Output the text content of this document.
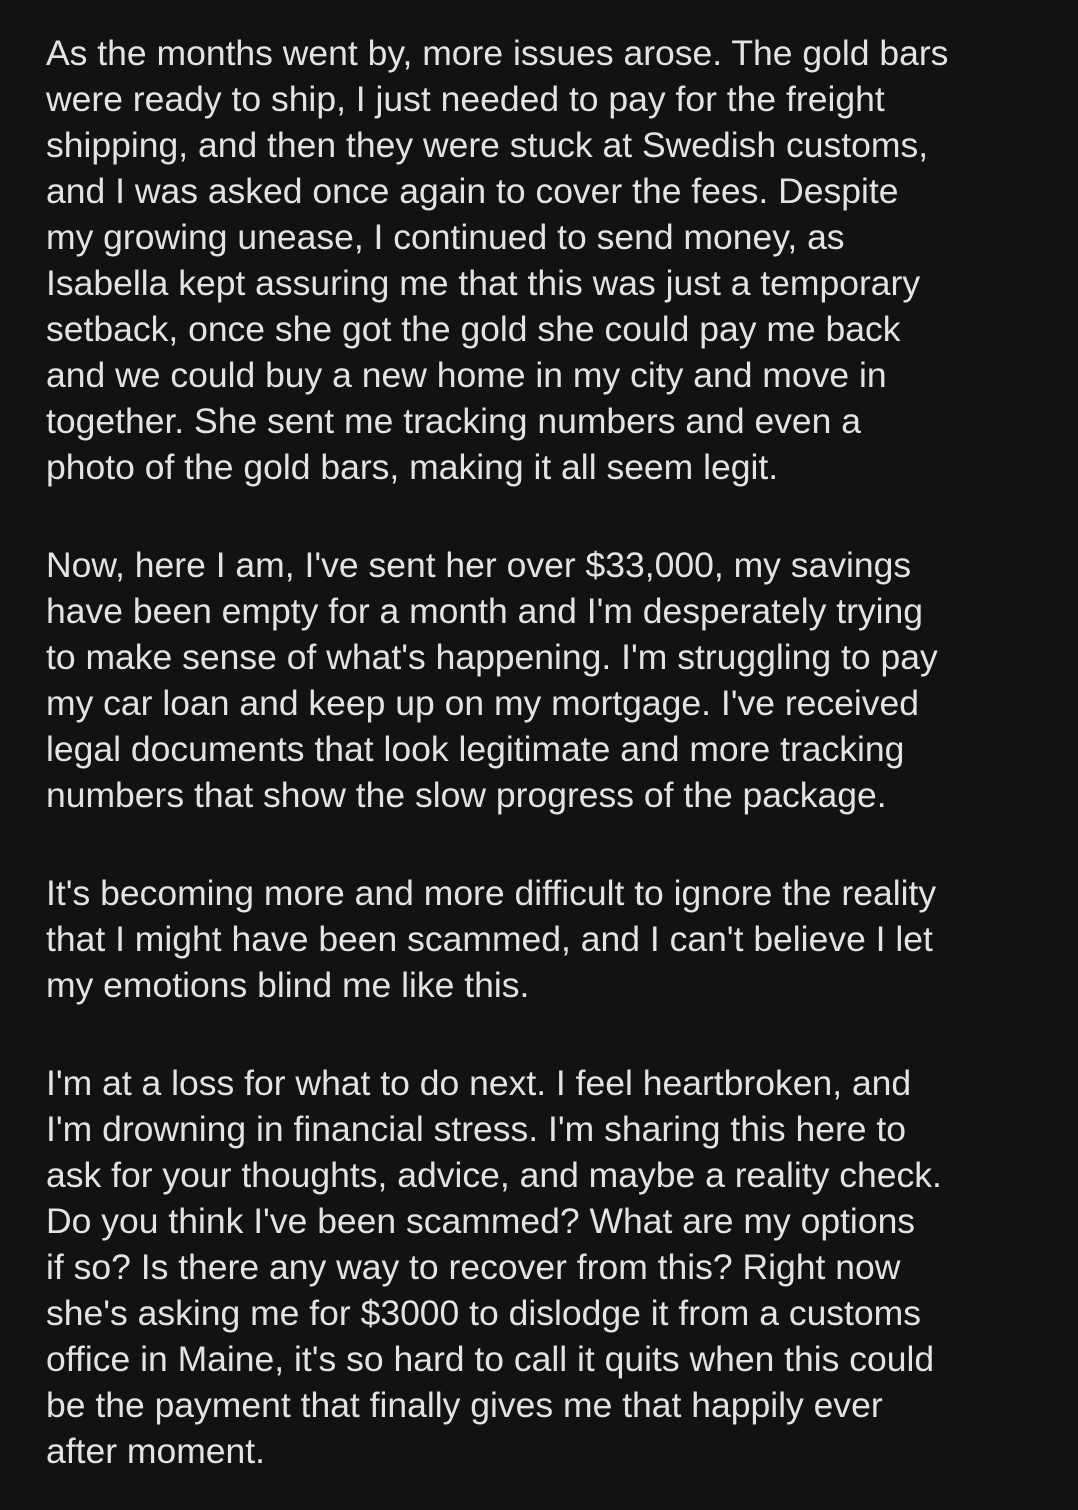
As the months went by, more issues arose. The gold bars
were ready to ship, I just needed to pay for the freight
shipping, and then they were stuck at Swedish customs,
and I was asked once again to cover the fees. Despite
my growing unease, I continued to send money, as
Isabella kept assuring me that this was just a temporary
setback, once she got the gold she could pay me back
and we could buy a new home in my city and move in
together. She sent me tracking numbers and even a
photo of the gold bars, making it all seem legit.

Now, here I am, I've sent her over $33,000, my savings
have been empty for a month and I'm desperately trying
to make sense of what's happening. I'm struggling to pay
my car loan and keep up on my mortgage. I've received
legal documents that look legitimate and more tracking
numbers that show the slow progress of the package.

It's becoming more and more difficult to ignore the reality
that I might have been scammed, and I can't believe I let
my emotions blind me like this.

I'm at a loss for what to do next. I feel heartbroken, and
I'm drowning in financial stress. I'm sharing this here to
ask for your thoughts, advice, and maybe a reality check.
Do you think I've been scammed? What are my options
if so? Is there any way to recover from this? Right now
she's asking me for $3000 to dislodge it from a customs
office in Maine, it's so hard to call it quits when this could
be the payment that finally gives me that happily ever
after moment.
